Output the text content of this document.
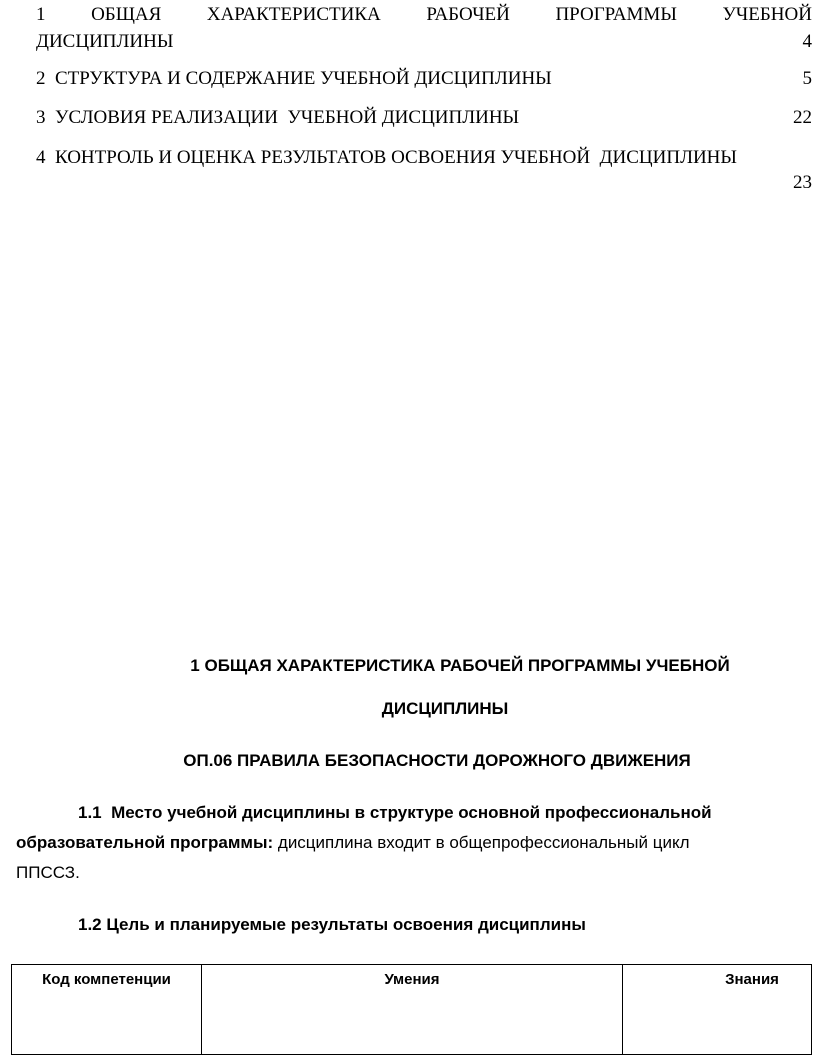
1 ОБЩАЯ ХАРАКТЕРИСТИКА РАБОЧЕЙ ПРОГРАММЫ УЧЕБНОЙ
ДИСЦИПЛИНЫ	4
2  СТРУКТУРА И СОДЕРЖАНИЕ УЧЕБНОЙ ДИСЦИПЛИНЫ	5
3  УСЛОВИЯ РЕАЛИЗАЦИИ  УЧЕБНОЙ ДИСЦИПЛИНЫ	22
4  КОНТРОЛЬ И ОЦЕНКА РЕЗУЛЬТАТОВ ОСВОЕНИЯ УЧЕБНОЙ  ДИСЦИПЛИНЫ
23
1 ОБЩАЯ ХАРАКТЕРИСТИКА РАБОЧЕЙ ПРОГРАММЫ УЧЕБНОЙ
ДИСЦИПЛИНЫ
ОП.06 ПРАВИЛА БЕЗОПАСНОСТИ ДОРОЖНОГО ДВИЖЕНИЯ
1.1  Место учебной дисциплины в структуре основной профессиональной
образовательной программы: дисциплина входит в общепрофессиональный цикл
ППССЗ.
1.2 Цель и планируемые результаты освоения дисциплины
Код компетенции	Умения	Знания
